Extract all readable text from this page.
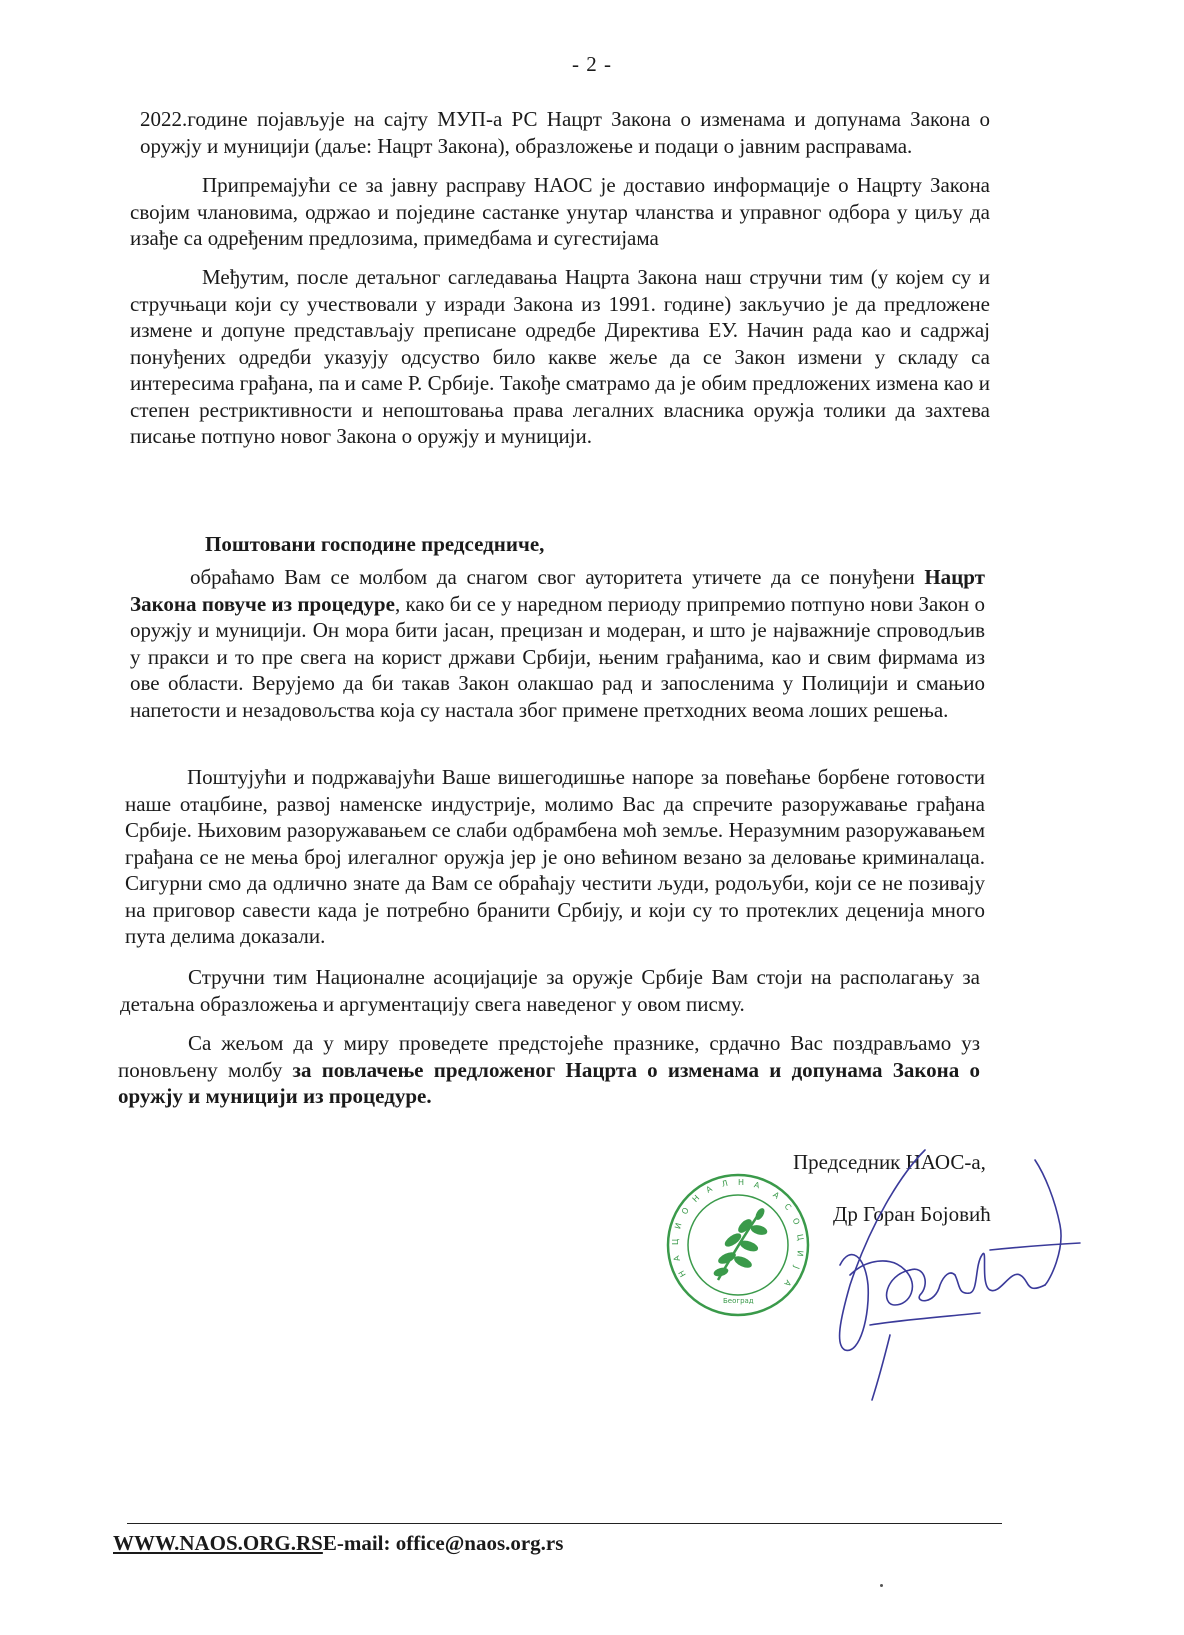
- 2 -

2022.године појављује на сајту МУП-а РС Нацрт Закона о изменама и допунама Закона о оружју и муницији (даље: Нацрт Закона), образложење и подаци о јавним расправама.

Припремајући се за јавну расправу НАОС је доставио информације о Нацрту Закона својим члановима, одржао и поједине састанке унутар чланства и управног одбора у циљу да изађе са одређеним предлозима, примедбама и сугестијама

Међутим, после детаљног сагледавања Нацрта Закона наш стручни тим (у којем су и стручњаци који су учествовали у изради Закона из 1991. године) закључио је да предложене измене и допуне представљају преписане одредбе Директива ЕУ. Начин рада као и садржај понуђених одредби указују одсуство било какве жеље да се Закон измени у складу са интересима грађана, па и саме Р. Србије. Такође сматрамо да је обим предложених измена као и степен рестриктивности и непоштовања права легалних власника оружја толики да захтева писање потпуно новог Закона о оружју и муницији.

Поштовани господине председниче,

обраћамо Вам се молбом да снагом свог ауторитета утичете да се понуђени Нацрт Закона повуче из процедуре, како би се у наредном периоду припремио потпуно нови Закон о оружју и муницији. Он мора бити јасан, прецизан и модеран, и што је најважније спроводљив у пракси и то пре свега на корист држави Србији, њеним грађанима, као и свим фирмама из ове области. Верујемо да би такав Закон олакшао рад и запосленима у Полицији и смањио напетости и незадовољства која су настала због примене претходних веома лоших решења.

Поштујући и подржавајући Ваше вишегодишње напоре за повећање борбене готовости наше отаџбине, развој наменске индустрије, молимо Вас да спречите разоружавање грађана Србије. Њиховим разоружавањем се слаби одбрамбена моћ земље. Неразумним разоружавањем грађана се не мења број илегалног оружја јер је оно већином везано за деловање криминалаца. Сигурни смо да одлично знате да Вам се обраћају честити људи, родољуби, који се не позивају на приговор савести када је потребно бранити Србију, и који су то протеклих деценија много пута делима доказали.

Стручни тим Националне асоцијације за оружје Србије Вам стоји на располагању за детаљна образложења и аргументацију свега наведеног у овом писму.

Са жељом да у миру проведете предстојеће празнике, срдачно Вас поздрављамо уз поновљену молбу за повлачење предложеног Нацрта о изменама и допунама Закона о оружју и муницији из процедуре.

Н
А
Ц
И
О
Н
А
Л Н А
А
С
О
Ц
И
Ј
А
Београд
Председник НАОС-а,
Др Горан Бојовић
WWW.NAOS.ORG.RSE-mail: office@naos.org.rs
